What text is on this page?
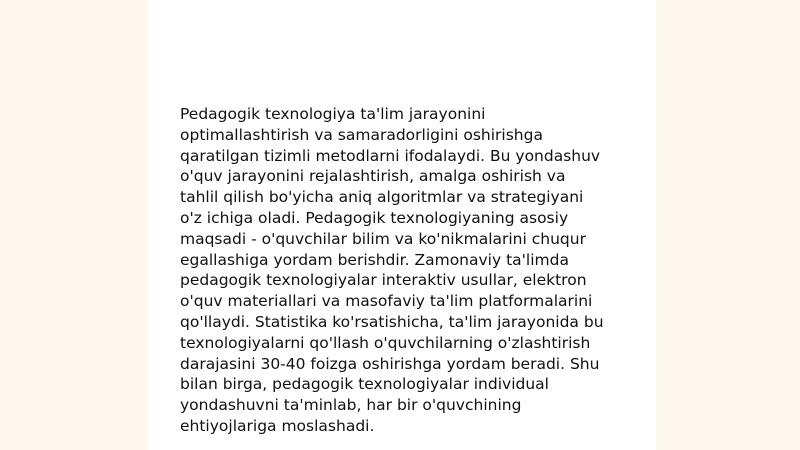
Pedagogik texnologiya ta'lim jarayonini
optimallashtirish va samaradorligini oshirishga
qaratilgan tizimli metodlarni ifodalaydi. Bu yondashuv
o'quv jarayonini rejalashtirish, amalga oshirish va
tahlil qilish bo'yicha aniq algoritmlar va strategiyani
o'z ichiga oladi. Pedagogik texnologiyaning asosiy
maqsadi - o'quvchilar bilim va ko'nikmalarini chuqur
egallashiga yordam berishdir. Zamonaviy ta'limda
pedagogik texnologiyalar interaktiv usullar, elektron
o'quv materiallari va masofaviy ta'lim platformalarini
qo'llaydi. Statistika ko'rsatishicha, ta'lim jarayonida bu
texnologiyalarni qo'llash o'quvchilarning o'zlashtirish
darajasini 30-40 foizga oshirishga yordam beradi. Shu
bilan birga, pedagogik texnologiyalar individual
yondashuvni ta'minlab, har bir o'quvchining
ehtiyojlariga moslashadi.
